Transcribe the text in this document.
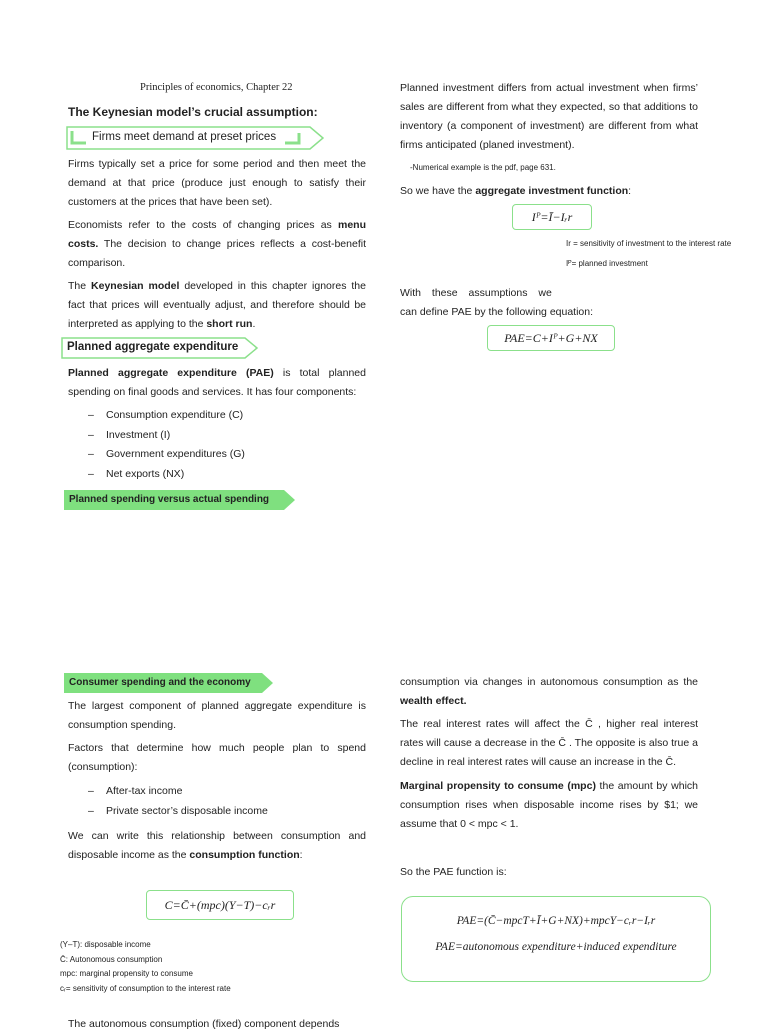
Principles of economics, Chapter 22
The Keynesian model’s crucial assumption:
Firms meet demand at preset prices
Firms typically set a price for some period and then meet the demand at that price (produce just enough to satisfy their customers at the prices that have been set).
Economists refer to the costs of changing prices as menu costs. The decision to change prices reflects a cost-benefit comparison.
The Keynesian model developed in this chapter ignores the fact that prices will eventually adjust, and therefore should be interpreted as applying to the short run.
Planned aggregate expenditure
Planned aggregate expenditure (PAE) is total planned spending on final goods and services. It has four components:
– Consumption expenditure (C)
– Investment (I)
– Government expenditures (G)
– Net exports (NX)
Planned spending versus actual spending
Planned investment differs from actual investment when firms’ sales are different from what they expected, so that additions to inventory (a component of investment) are different from what firms anticipated (planed investment).
-Numerical example is the pdf, page 631.
So we have the aggregate investment function:
Iᴾ=Ī−Iᵣr
Ir = sensitivity of investment to the interest rate
Iᴾ= planned investment
With these assumptions we
can define PAE by the following equation:
PAE=C+Iᴾ+G+NX
Consumer spending and the economy
The largest component of planned aggregate expenditure is consumption spending.
Factors that determine how much people plan to spend (consumption):
– After-tax income
– Private sector’s disposable income
We can write this relationship between consumption and disposable income as the consumption function:
C=C̄+(mpc)(Y−T)−cᵣr
(Y–T): disposable income
C̄: Autonomous consumption
mpc: marginal propensity to consume
cᵣ= sensitivity of consumption to the interest rate
The autonomous consumption (fixed) component depends
consumption via changes in autonomous consumption as the wealth effect.
The real interest rates will affect the C̄ , higher real interest rates will cause a decrease in the C̄ . The opposite is also true a decline in real interest rates will cause an increase in the C̄.
Marginal propensity to consume (mpc) the amount by which consumption rises when disposable income rises by $1; we assume that 0 < mpc < 1.
So the PAE function is:
PAE=(C̄−mpcT+Ī+G+NX)+mpcY−cᵣr−Iᵣr
PAE=autonomous expenditure+induced expenditure
